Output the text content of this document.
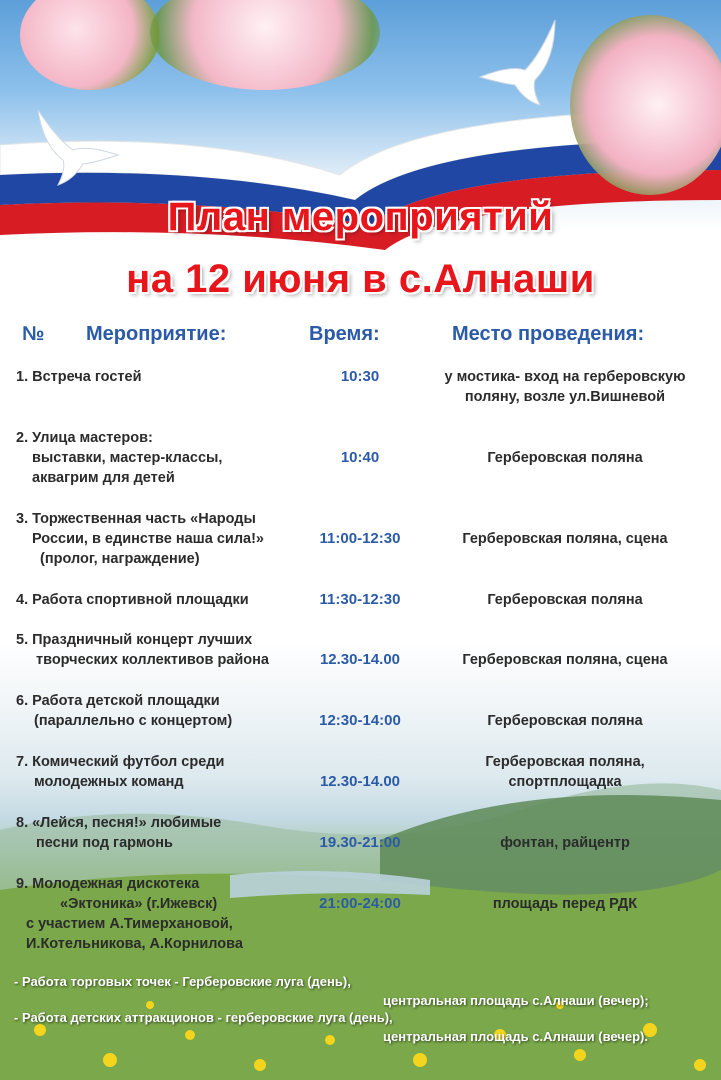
План мероприятий
на 12 июня в с.Алнаши
№ Мероприятие:	Время:	Место проведения:
1. Встреча гостей	10:30	у мостика- вход на герберовскую
поляну, возле ул.Вишневой
2. Улица мастеров:
выставки, мастер-классы,
аквагрим для детей
10:40	Герберовская поляна
3. Торжественная часть «Народы
России, в единстве наша сила!»
(пролог, награждение)
11:00-12:30	Герберовская поляна, сцена
4. Работа спортивной площадки	11:30-12:30	Герберовская поляна
5. Праздничный концерт лучших
творческих коллективов района	12.30-14.00	Герберовская поляна, сцена
6. Работа детской площадки
(параллельно с концертом)	12:30-14:00	Герберовская поляна
7. Комический футбол среди
молодежных команд	12.30-14.00
Герберовская поляна,
спортплощадка
8. «Лейся, песня!» любимые
песни под гармонь	19.30-21:00	фонтан, райцентр
9. Молодежная дискотека
«Эктоника» (г.Ижевск)
с участием А.Тимерхановой,
И.Котельникова, А.Корнилова
21:00-24:00	площадь перед РДК
- Работа торговых точек - Герберовские луга (день),
центральная площадь с.Алнаши (вечер);
- Работа детских аттракционов - герберовские луга (день),
центральная площадь с.Алнаши (вечер).
